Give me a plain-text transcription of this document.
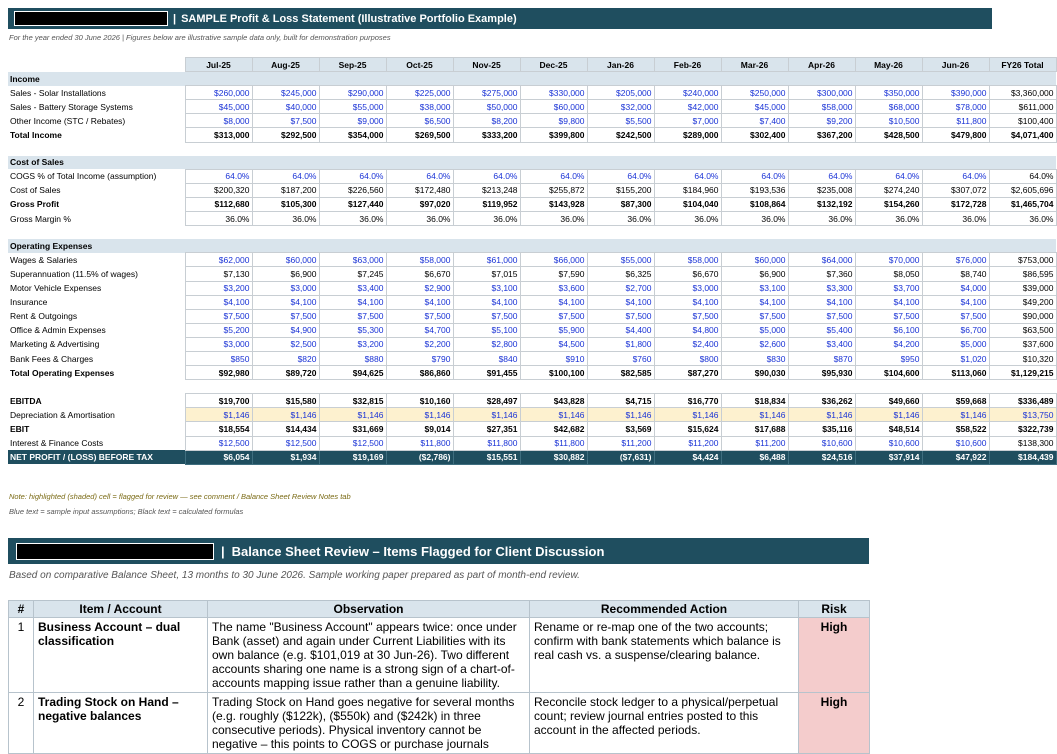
| SAMPLE Profit & Loss Statement (Illustrative Portfolio Example)
For the year ended 30 June 2026 | Figures below are illustrative sample data only, built for demonstration purposes
	Jul-25	Aug-25	Sep-25	Oct-25	Nov-25	Dec-25	Jan-26	Feb-26	Mar-26	Apr-26	May-26	Jun-26	FY26 Total
Income													
Sales - Solar Installations	$260,000	$245,000	$290,000	$225,000	$275,000	$330,000	$205,000	$240,000	$250,000	$300,000	$350,000	$390,000	$3,360,000
Sales - Battery Storage Systems	$45,000	$40,000	$55,000	$38,000	$50,000	$60,000	$32,000	$42,000	$45,000	$58,000	$68,000	$78,000	$611,000
Other Income (STC / Rebates)	$8,000	$7,500	$9,000	$6,500	$8,200	$9,800	$5,500	$7,000	$7,400	$9,200	$10,500	$11,800	$100,400
Total Income	$313,000	$292,500	$354,000	$269,500	$333,200	$399,800	$242,500	$289,000	$302,400	$367,200	$428,500	$479,800	$4,071,400

Cost of Sales													
COGS % of Total Income (assumption)	64.0%	64.0%	64.0%	64.0%	64.0%	64.0%	64.0%	64.0%	64.0%	64.0%	64.0%	64.0%	64.0%
Cost of Sales	$200,320	$187,200	$226,560	$172,480	$213,248	$255,872	$155,200	$184,960	$193,536	$235,008	$274,240	$307,072	$2,605,696
Gross Profit	$112,680	$105,300	$127,440	$97,020	$119,952	$143,928	$87,300	$104,040	$108,864	$132,192	$154,260	$172,728	$1,465,704
Gross Margin %	36.0%	36.0%	36.0%	36.0%	36.0%	36.0%	36.0%	36.0%	36.0%	36.0%	36.0%	36.0%	36.0%

Operating Expenses													
Wages & Salaries	$62,000	$60,000	$63,000	$58,000	$61,000	$66,000	$55,000	$58,000	$60,000	$64,000	$70,000	$76,000	$753,000
Superannuation (11.5% of wages)	$7,130	$6,900	$7,245	$6,670	$7,015	$7,590	$6,325	$6,670	$6,900	$7,360	$8,050	$8,740	$86,595
Motor Vehicle Expenses	$3,200	$3,000	$3,400	$2,900	$3,100	$3,600	$2,700	$3,000	$3,100	$3,300	$3,700	$4,000	$39,000
Insurance	$4,100	$4,100	$4,100	$4,100	$4,100	$4,100	$4,100	$4,100	$4,100	$4,100	$4,100	$4,100	$49,200
Rent & Outgoings	$7,500	$7,500	$7,500	$7,500	$7,500	$7,500	$7,500	$7,500	$7,500	$7,500	$7,500	$7,500	$90,000
Office & Admin Expenses	$5,200	$4,900	$5,300	$4,700	$5,100	$5,900	$4,400	$4,800	$5,000	$5,400	$6,100	$6,700	$63,500
Marketing & Advertising	$3,000	$2,500	$3,200	$2,200	$2,800	$4,500	$1,800	$2,400	$2,600	$3,400	$4,200	$5,000	$37,600
Bank Fees & Charges	$850	$820	$880	$790	$840	$910	$760	$800	$830	$870	$950	$1,020	$10,320
Total Operating Expenses	$92,980	$89,720	$94,625	$86,860	$91,455	$100,100	$82,585	$87,270	$90,030	$95,930	$104,600	$113,060	$1,129,215

EBITDA	$19,700	$15,580	$32,815	$10,160	$28,497	$43,828	$4,715	$16,770	$18,834	$36,262	$49,660	$59,668	$336,489
Depreciation & Amortisation	$1,146	$1,146	$1,146	$1,146	$1,146	$1,146	$1,146	$1,146	$1,146	$1,146	$1,146	$1,146	$13,750
EBIT	$18,554	$14,434	$31,669	$9,014	$27,351	$42,682	$3,569	$15,624	$17,688	$35,116	$48,514	$58,522	$322,739
Interest & Finance Costs	$12,500	$12,500	$12,500	$11,800	$11,800	$11,800	$11,200	$11,200	$11,200	$10,600	$10,600	$10,600	$138,300
NET PROFIT / (LOSS) BEFORE TAX	$6,054	$1,934	$19,169	($2,786)	$15,551	$30,882	($7,631)	$4,424	$6,488	$24,516	$37,914	$47,922	$184,439
Note: highlighted (shaded) cell = flagged for review — see comment / Balance Sheet Review Notes tab
Blue text = sample input assumptions; Black text = calculated formulas
| Balance Sheet Review – Items Flagged for Client Discussion
Based on comparative Balance Sheet, 13 months to 30 June 2026. Sample working paper prepared as part of month-end review.
#	Item / Account	Observation	Recommended Action	Risk
1	Business Account – dual classification	The name "Business Account" appears twice: once under Bank (asset) and again under Current Liabilities with its own balance (e.g. $101,019 at 30 Jun-26). Two different accounts sharing one name is a strong sign of a chart-of-accounts mapping issue rather than a genuine liability.	Rename or re-map one of the two accounts; confirm with bank statements which balance is real cash vs. a suspense/clearing balance.	High
2	Trading Stock on Hand – negative balances	Trading Stock on Hand goes negative for several months (e.g. roughly ($122k), ($550k) and ($242k) in three consecutive periods). Physical inventory cannot be negative – this points to COGS or purchase journals	Reconcile stock ledger to a physical/perpetual count; review journal entries posted to this account in the affected periods.	High
